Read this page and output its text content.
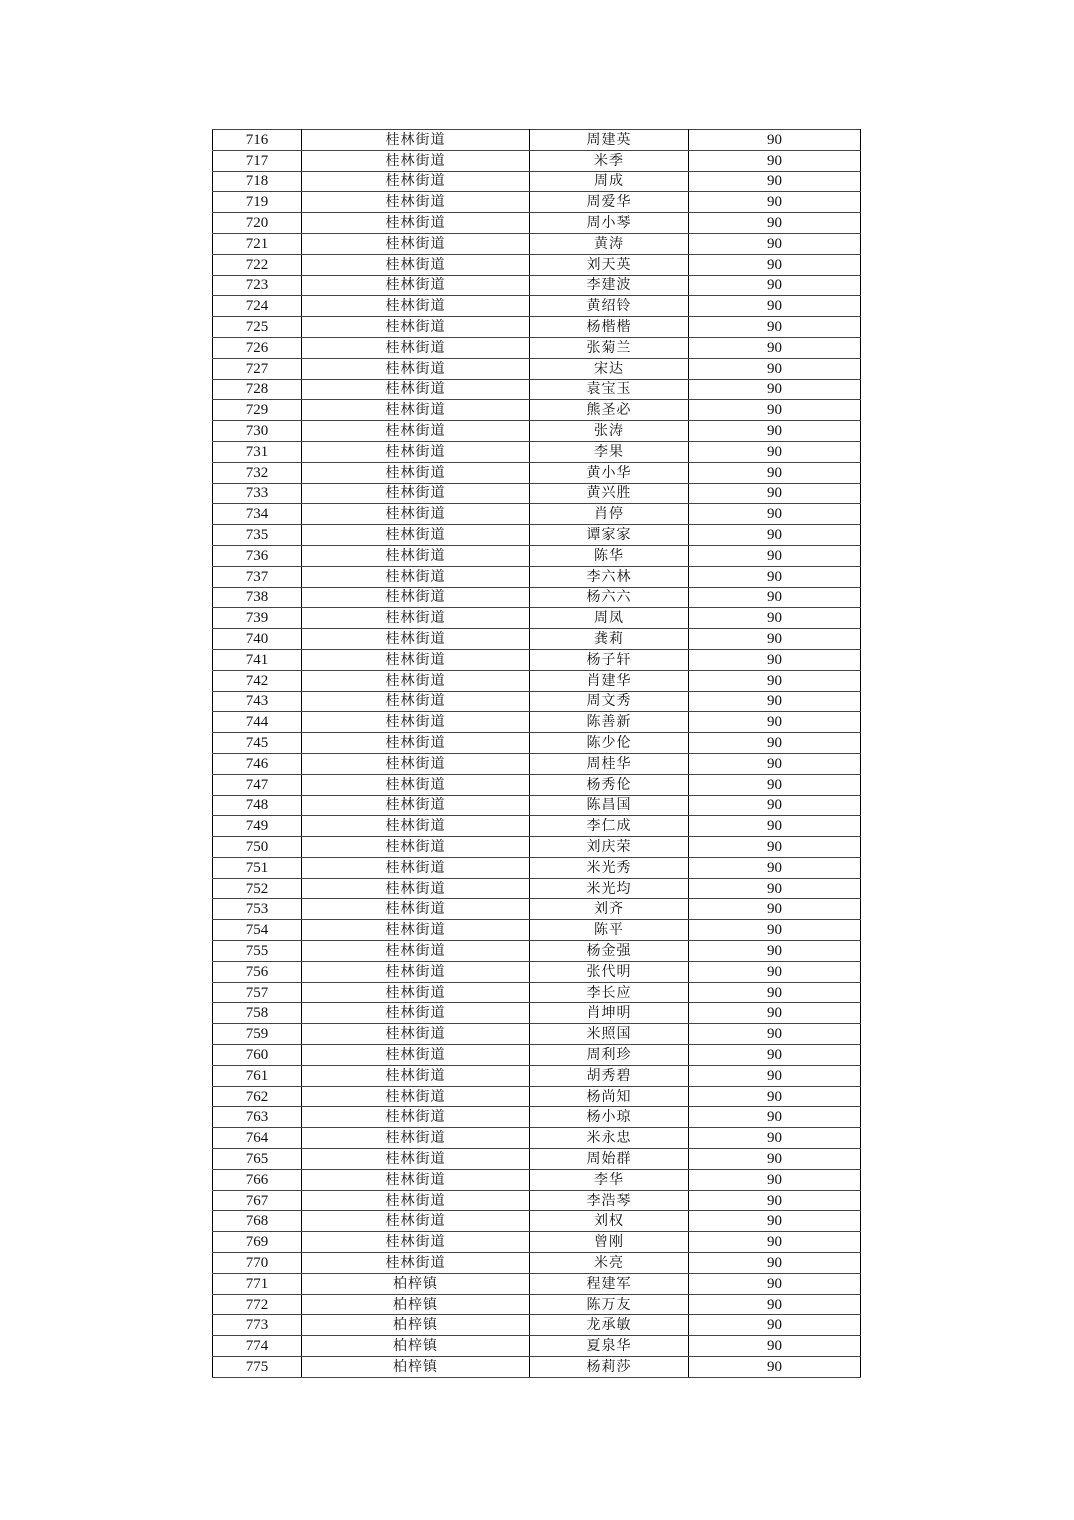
716	桂林街道	周建英	90
717	桂林街道	米季	90
718	桂林街道	周成	90
719	桂林街道	周爱华	90
720	桂林街道	周小琴	90
721	桂林街道	黄涛	90
722	桂林街道	刘天英	90
723	桂林街道	李建波	90
724	桂林街道	黄绍铃	90
725	桂林街道	杨楷楷	90
726	桂林街道	张菊兰	90
727	桂林街道	宋达	90
728	桂林街道	袁宝玉	90
729	桂林街道	熊圣必	90
730	桂林街道	张涛	90
731	桂林街道	李果	90
732	桂林街道	黄小华	90
733	桂林街道	黄兴胜	90
734	桂林街道	肖停	90
735	桂林街道	谭家家	90
736	桂林街道	陈华	90
737	桂林街道	李六林	90
738	桂林街道	杨六六	90
739	桂林街道	周凤	90
740	桂林街道	龚莉	90
741	桂林街道	杨子轩	90
742	桂林街道	肖建华	90
743	桂林街道	周文秀	90
744	桂林街道	陈善新	90
745	桂林街道	陈少伦	90
746	桂林街道	周桂华	90
747	桂林街道	杨秀伦	90
748	桂林街道	陈昌国	90
749	桂林街道	李仁成	90
750	桂林街道	刘庆荣	90
751	桂林街道	米光秀	90
752	桂林街道	米光均	90
753	桂林街道	刘齐	90
754	桂林街道	陈平	90
755	桂林街道	杨金强	90
756	桂林街道	张代明	90
757	桂林街道	李长应	90
758	桂林街道	肖坤明	90
759	桂林街道	米照国	90
760	桂林街道	周利珍	90
761	桂林街道	胡秀碧	90
762	桂林街道	杨尚知	90
763	桂林街道	杨小琼	90
764	桂林街道	米永忠	90
765	桂林街道	周始群	90
766	桂林街道	李华	90
767	桂林街道	李浩琴	90
768	桂林街道	刘权	90
769	桂林街道	曾刚	90
770	桂林街道	米亮	90
771	柏梓镇	程建军	90
772	柏梓镇	陈万友	90
773	柏梓镇	龙承敏	90
774	柏梓镇	夏泉华	90
775	柏梓镇	杨莉莎	90
